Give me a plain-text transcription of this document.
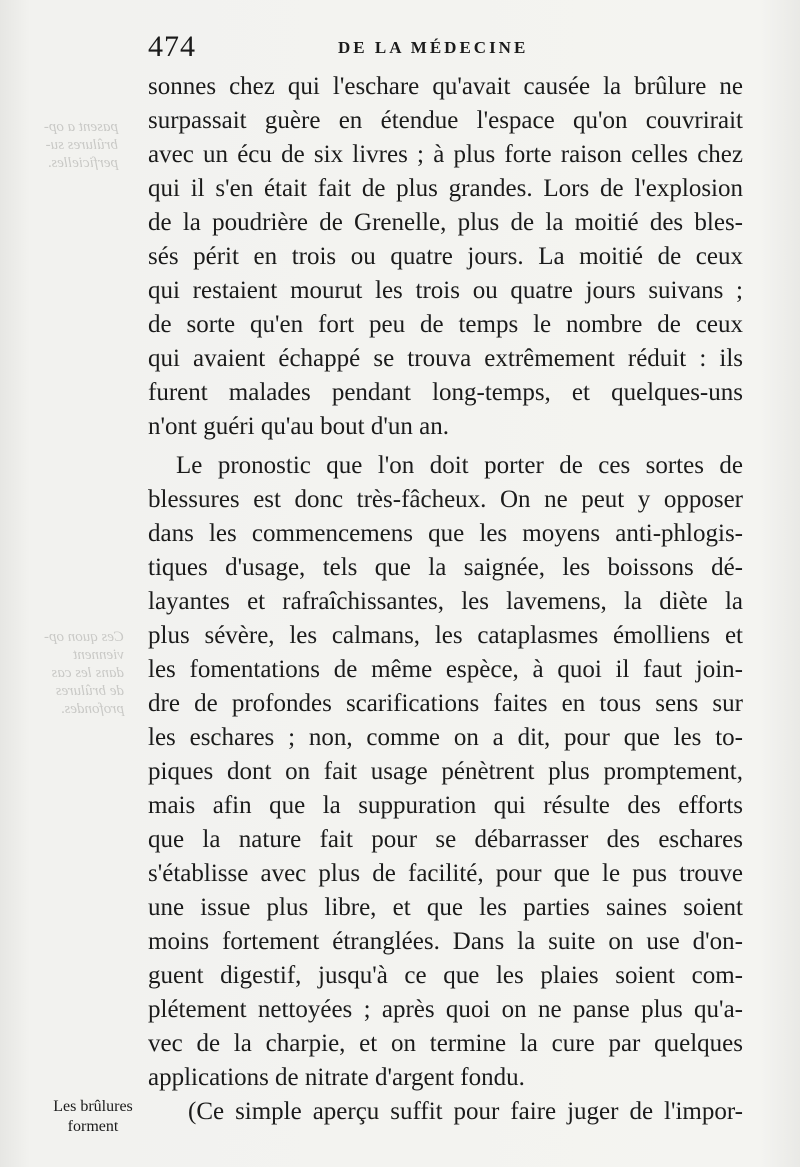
pasent a op-
brûlures su-
perficielles.
Ces quon op-
viennent
dans les cas
de brûlures
profondes.
474	DE LA MÉDECINE
sonnes chez qui l'eschare qu'avait causée la brûlure ne
surpassait guère en étendue l'espace qu'on couvrirait
avec un écu de six livres ; à plus forte raison celles chez
qui il s'en était fait de plus grandes. Lors de l'explosion
de la poudrière de Grenelle, plus de la moitié des bles-
sés périt en trois ou quatre jours. La moitié de ceux
qui restaient mourut les trois ou quatre jours suivans ;
de sorte qu'en fort peu de temps le nombre de ceux
qui avaient échappé se trouva extrêmement réduit : ils
furent malades pendant long-temps, et quelques-uns
n'ont guéri qu'au bout d'un an.
Le pronostic que l'on doit porter de ces sortes de
blessures est donc très-fâcheux. On ne peut y opposer
dans les commencemens que les moyens anti-phlogis-
tiques d'usage, tels que la saignée, les boissons dé-
layantes et rafraîchissantes, les lavemens, la diète la
plus sévère, les calmans, les cataplasmes émolliens et
les fomentations de même espèce, à quoi il faut join-
dre de profondes scarifications faites en tous sens sur
les eschares ; non, comme on a dit, pour que les to-
piques dont on fait usage pénètrent plus promptement,
mais afin que la suppuration qui résulte des efforts
que la nature fait pour se débarrasser des eschares
s'établisse avec plus de facilité, pour que le pus trouve
une issue plus libre, et que les parties saines soient
moins fortement étranglées. Dans la suite on use d'on-
guent digestif, jusqu'à ce que les plaies soient com-
plétement nettoyées ; après quoi on ne panse plus qu'a-
vec de la charpie, et on termine la cure par quelques
applications de nitrate d'argent fondu.
(Ce simple aperçu suffit pour faire juger de l'impor-
Les brûlures
forment
